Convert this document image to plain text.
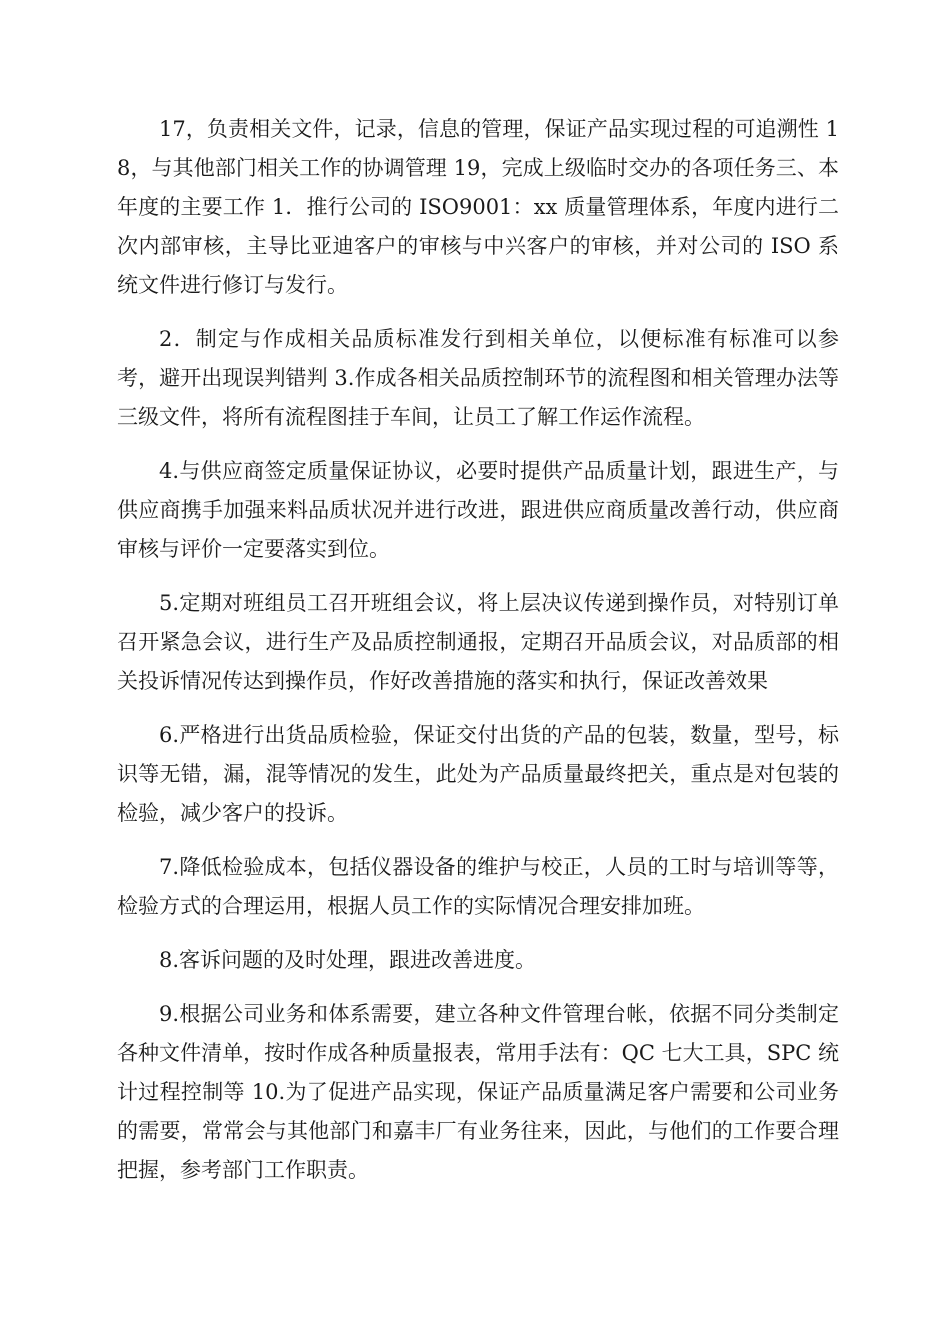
17，负责相关文件，记录，信息的管理，保证产品实现过程的可追溯性 18，与其他部门相关工作的协调管理 19，完成上级临时交办的各项任务三、本年度的主要工作 1．推行公司的 ISO9001：xx 质量管理体系，年度内进行二次内部审核，主导比亚迪客户的审核与中兴客户的审核，并对公司的 ISO 系统文件进行修订与发行。

2．制定与作成相关品质标准发行到相关单位，以便标准有标准可以参考，避开出现误判错判 3.作成各相关品质控制环节的流程图和相关管理办法等三级文件，将所有流程图挂于车间，让员工了解工作运作流程。

4.与供应商签定质量保证协议，必要时提供产品质量计划，跟进生产，与供应商携手加强来料品质状况并进行改进，跟进供应商质量改善行动，供应商审核与评价一定要落实到位。

5.定期对班组员工召开班组会议，将上层决议传递到操作员，对特别订单召开紧急会议，进行生产及品质控制通报，定期召开品质会议，对品质部的相关投诉情况传达到操作员，作好改善措施的落实和执行，保证改善效果

6.严格进行出货品质检验，保证交付出货的产品的包装，数量，型号，标识等无错，漏，混等情况的发生，此处为产品质量最终把关，重点是对包装的检验，减少客户的投诉。

7.降低检验成本，包括仪器设备的维护与校正，人员的工时与培训等等，检验方式的合理运用，根据人员工作的实际情况合理安排加班。

8.客诉问题的及时处理，跟进改善进度。

9.根据公司业务和体系需要，建立各种文件管理台帐，依据不同分类制定各种文件清单，按时作成各种质量报表，常用手法有：QC 七大工具，SPC 统计过程控制等 10.为了促进产品实现，保证产品质量满足客户需要和公司业务的需要，常常会与其他部门和嘉丰厂有业务往来，因此，与他们的工作要合理把握，参考部门工作职责。
